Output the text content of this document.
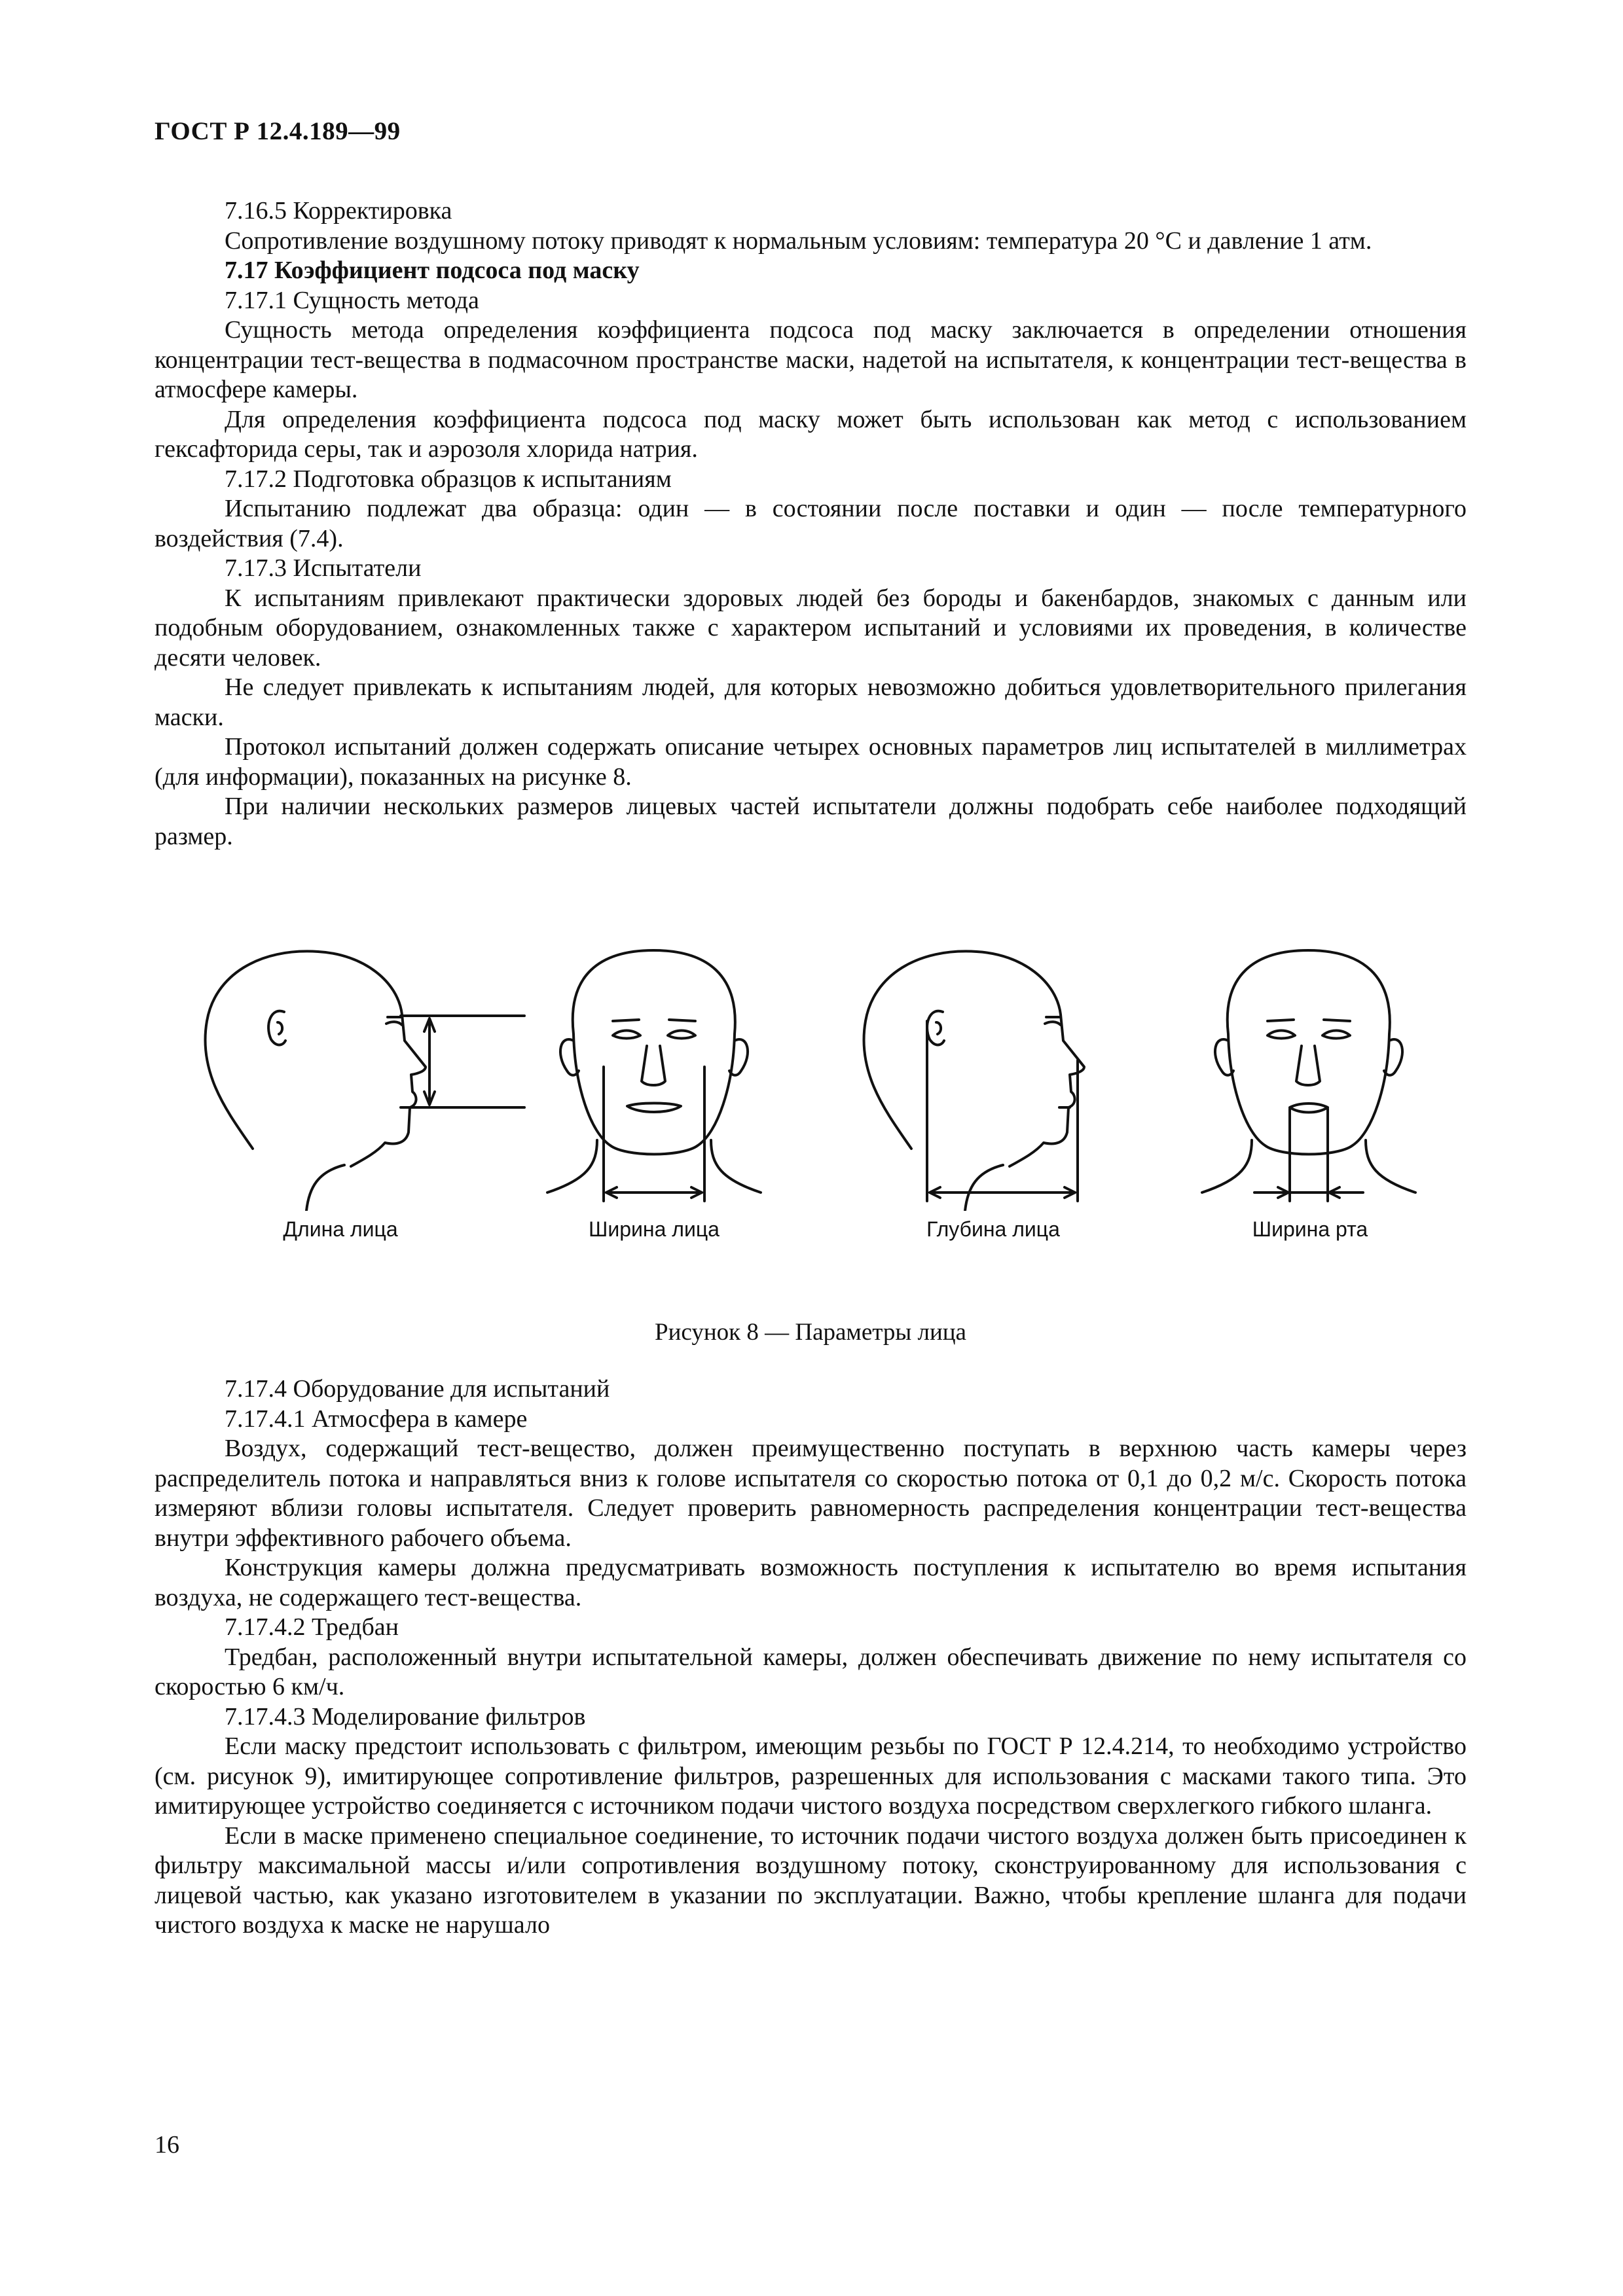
ГОСТ Р 12.4.189—99

7.16.5 Корректировка

Сопротивление воздушному потоку приводят к нормальным условиям: температура 20 °С и давление 1 атм.

7.17 Коэффициент подсоса под маску

7.17.1 Сущность метода

Сущность метода определения коэффициента подсоса под маску заключается в определении отношения концентрации тест-вещества в подмасочном пространстве маски, надетой на испытателя, к концентрации тест-вещества в атмосфере камеры.

Для определения коэффициента подсоса под маску может быть использован как метод с использованием гексафторида серы, так и аэрозоля хлорида натрия.

7.17.2 Подготовка образцов к испытаниям

Испытанию подлежат два образца: один — в состоянии после поставки и один — после температурного воздействия (7.4).

7.17.3 Испытатели

К испытаниям привлекают практически здоровых людей без бороды и бакенбардов, знакомых с данным или подобным оборудованием, ознакомленных также с характером испытаний и условиями их проведения, в количестве десяти человек.

Не следует привлекать к испытаниям людей, для которых невозможно добиться удовлетворительного прилегания маски.

Протокол испытаний должен содержать описание четырех основных параметров лиц испытателей в миллиметрах (для информации), показанных на рисунке 8.

При наличии нескольких размеров лицевых частей испытатели должны подобрать себе наиболее подходящий размер.

Длина лица	Ширина лица	Глубина лица	Ширина рта
Рисунок 8 — Параметры лица

7.17.4 Оборудование для испытаний

7.17.4.1 Атмосфера в камере

Воздух, содержащий тест-вещество, должен преимущественно поступать в верхнюю часть камеры через распределитель потока и направляться вниз к голове испытателя со скоростью потока от 0,1 до 0,2 м/с. Скорость потока измеряют вблизи головы испытателя. Следует проверить равномерность распределения концентрации тест-вещества внутри эффективного рабочего объема.

Конструкция камеры должна предусматривать возможность поступления к испытателю во время испытания воздуха, не содержащего тест-вещества.

7.17.4.2 Тредбан

Тредбан, расположенный внутри испытательной камеры, должен обеспечивать движение по нему испытателя со скоростью 6 км/ч.

7.17.4.3 Моделирование фильтров

Если маску предстоит использовать с фильтром, имеющим резьбы по ГОСТ Р 12.4.214, то необходимо устройство (см. рисунок 9), имитирующее сопротивление фильтров, разрешенных для использования с масками такого типа. Это имитирующее устройство соединяется с источником подачи чистого воздуха посредством сверхлегкого гибкого шланга.

Если в маске применено специальное соединение, то источник подачи чистого воздуха должен быть присоединен к фильтру максимальной массы и/или сопротивления воздушному потоку, сконструированному для использования с лицевой частью, как указано изготовителем в указании по эксплуатации. Важно, чтобы крепление шланга для подачи чистого воздуха к маске не нарушало

16
